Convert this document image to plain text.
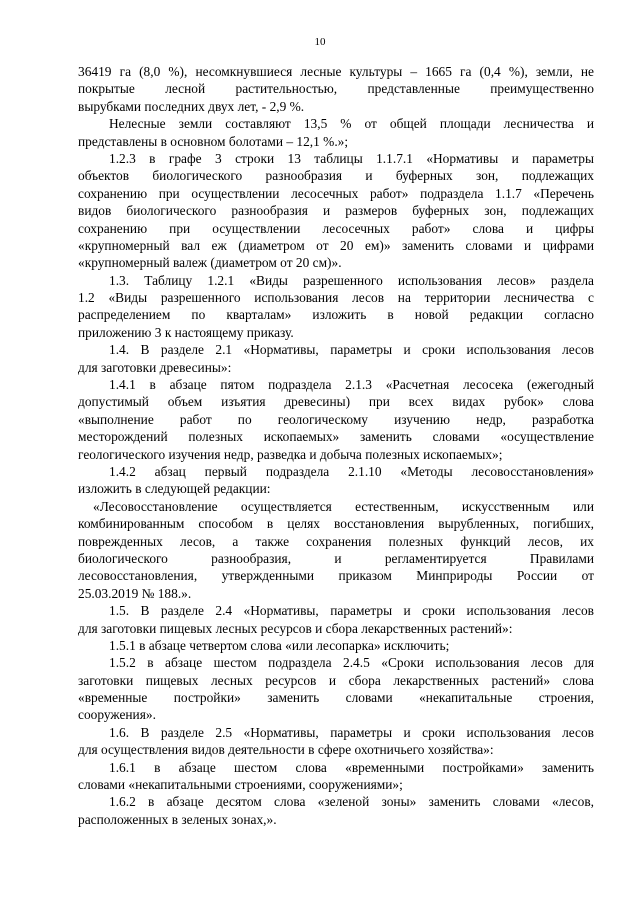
10
36419 га (8,0 %), несомкнувшиеся лесные культуры – 1665 га (0,4 %), земли, не
покрытые лесной растительностью, представленные преимущественно
вырубками последних двух лет, - 2,9 %.
Нелесные земли составляют 13,5 % от общей площади лесничества и
представлены в основном болотами – 12,1 %.»;
1.2.3 в графе 3 строки 13 таблицы 1.1.7.1 «Нормативы и параметры
объектов биологического разнообразия и буферных зон, подлежащих
сохранению при осуществлении лесосечных работ» подраздела 1.1.7 «Перечень
видов биологического разнообразия и размеров буферных зон, подлежащих
сохранению при осуществлении лесосечных работ» слова и цифры
«крупномерный вал еж (диаметром от 20 ем)» заменить словами и цифрами
«крупномерный валеж (диаметром от 20 см)».
1.3. Таблицу 1.2.1 «Виды разрешенного использования лесов» раздела
1.2 «Виды разрешенного использования лесов на территории лесничества с
распределением по кварталам» изложить в новой редакции согласно
приложению 3 к настоящему приказу.
1.4. В разделе 2.1 «Нормативы, параметры и сроки использования лесов
для заготовки древесины»:
1.4.1 в абзаце пятом подраздела 2.1.3 «Расчетная лесосека (ежегодный
допустимый объем изъятия древесины) при всех видах рубок» слова
«выполнение работ по геологическому изучению недр, разработка
месторождений полезных ископаемых» заменить словами «осуществление
геологического изучения недр, разведка и добыча полезных ископаемых»;
1.4.2 абзац первый подраздела 2.1.10 «Методы лесовосстановления»
изложить в следующей редакции:
«Лесовосстановление осуществляется естественным, искусственным или
комбинированным способом в целях восстановления вырубленных, погибших,
поврежденных лесов, а также сохранения полезных функций лесов, их
биологического разнообразия, и регламентируется Правилами
лесовосстановления, утвержденными приказом Минприроды России от
25.03.2019 № 188.».
1.5. В разделе 2.4 «Нормативы, параметры и сроки использования лесов
для заготовки пищевых лесных ресурсов и сбора лекарственных растений»:
1.5.1 в абзаце четвертом слова «или лесопарка» исключить;
1.5.2 в абзаце шестом подраздела 2.4.5 «Сроки использования лесов для
заготовки пищевых лесных ресурсов и сбора лекарственных растений» слова
«временные постройки» заменить словами «некапитальные строения,
сооружения».
1.6. В разделе 2.5 «Нормативы, параметры и сроки использования лесов
для осуществления видов деятельности в сфере охотничьего хозяйства»:
1.6.1 в абзаце шестом слова «временными постройками» заменить
словами «некапитальными строениями, сооружениями»;
1.6.2 в абзаце десятом слова «зеленой зоны» заменить словами «лесов,
расположенных в зеленых зонах,».
